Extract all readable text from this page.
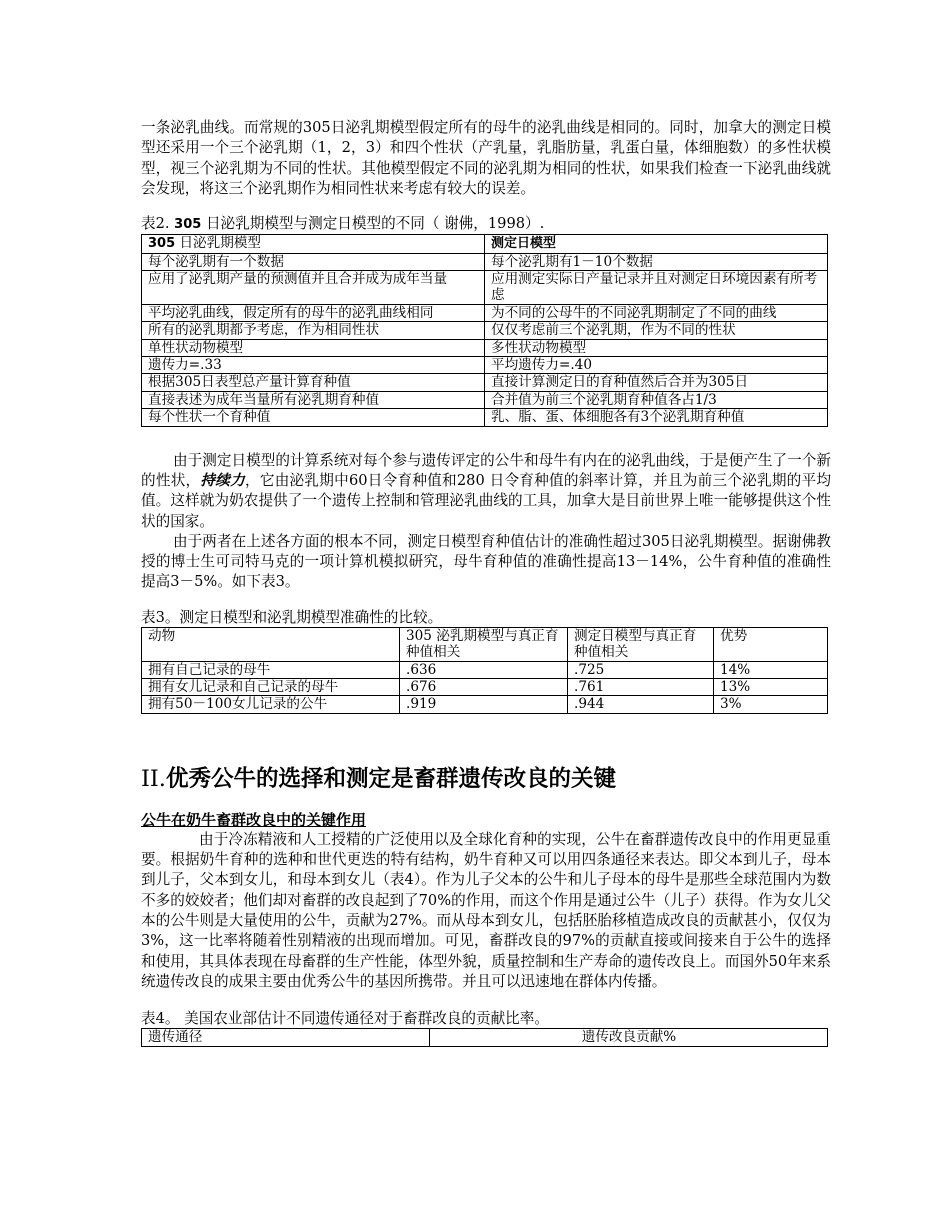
一条泌乳曲线。而常规的305日泌乳期模型假定所有的母牛的泌乳曲线是相同的。同时，加拿大的测定日模型还采用一个三个泌乳期（1，2，3）和四个性状（产乳量，乳脂肪量，乳蛋白量，体细胞数）的多性状模型，视三个泌乳期为不同的性状。其他模型假定不同的泌乳期为相同的性状，如果我们检查一下泌乳曲线就会发现，将这三个泌乳期作为相同性状来考虑有较大的误差。

表2. 305 日泌乳期模型与测定日模型的不同（ 谢佛，1998）.

305 日泌乳期模型	测定日模型
每个泌乳期有一个数据	每个泌乳期有1－10个数据
应用了泌乳期产量的预测值并且合并成为成年当量	应用测定实际日产量记录并且对测定日环境因素有所考虑
平均泌乳曲线，假定所有的母牛的泌乳曲线相同	为不同的公母牛的不同泌乳期制定了不同的曲线
所有的泌乳期都予考虑，作为相同性状	仅仅考虑前三个泌乳期，作为不同的性状
单性状动物模型	多性状动物模型
遗传力=.33	平均遗传力=.40
根据305日表型总产量计算育种值	直接计算测定日的育种值然后合并为305日
直接表述为成年当量所有泌乳期育种值	合并值为前三个泌乳期育种值各占1/3
每个性状一个育种值	乳、脂、蛋、体细胞各有3个泌乳期育种值

由于测定日模型的计算系统对每个参与遗传评定的公牛和母牛有内在的泌乳曲线，于是便产生了一个新的性状，持续力，它由泌乳期中60日令育种值和280 日令育种值的斜率计算，并且为前三个泌乳期的平均值。这样就为奶农提供了一个遗传上控制和管理泌乳曲线的工具，加拿大是目前世界上唯一能够提供这个性状的国家。

由于两者在上述各方面的根本不同，测定日模型育种值估计的准确性超过305日泌乳期模型。据谢佛教授的博士生可司特马克的一项计算机模拟研究，母牛育种值的准确性提高13－14%，公牛育种值的准确性提高3－5%。如下表3。

表3。测定日模型和泌乳期模型准确性的比较。

动物	305 泌乳期模型与真正育种值相关	测定日模型与真正育种值相关	优势
拥有自己记录的母牛	.636	.725	14%
拥有女儿记录和自己记录的母牛	.676	.761	13%
拥有50－100女儿记录的公牛	.919	.944	3%
II.优秀公牛的选择和测定是畜群遗传改良的关键
公牛在奶牛畜群改良中的关键作用

由于冷冻精液和人工授精的广泛使用以及全球化育种的实现，公牛在畜群遗传改良中的作用更显重要。根据奶牛育种的选种和世代更迭的特有结构，奶牛育种又可以用四条通径来表达。即父本到儿子，母本到儿子，父本到女儿，和母本到女儿（表4）。作为儿子父本的公牛和儿子母本的母牛是那些全球范围内为数不多的姣姣者；他们却对畜群的改良起到了70%的作用，而这个作用是通过公牛（儿子）获得。作为女儿父本的公牛则是大量使用的公牛，贡献为27%。而从母本到女儿，包括胚胎移植造成改良的贡献甚小，仅仅为3%，这一比率将随着性别精液的出现而增加。可见，畜群改良的97%的贡献直接或间接来自于公牛的选择和使用，其具体表现在母畜群的生产性能，体型外貌，质量控制和生产寿命的遗传改良上。而国外50年来系统遗传改良的成果主要由优秀公牛的基因所携带。并且可以迅速地在群体内传播。

表4。 美国农业部估计不同遗传通径对于畜群改良的贡献比率。

遗传通径	遗传改良贡献%
